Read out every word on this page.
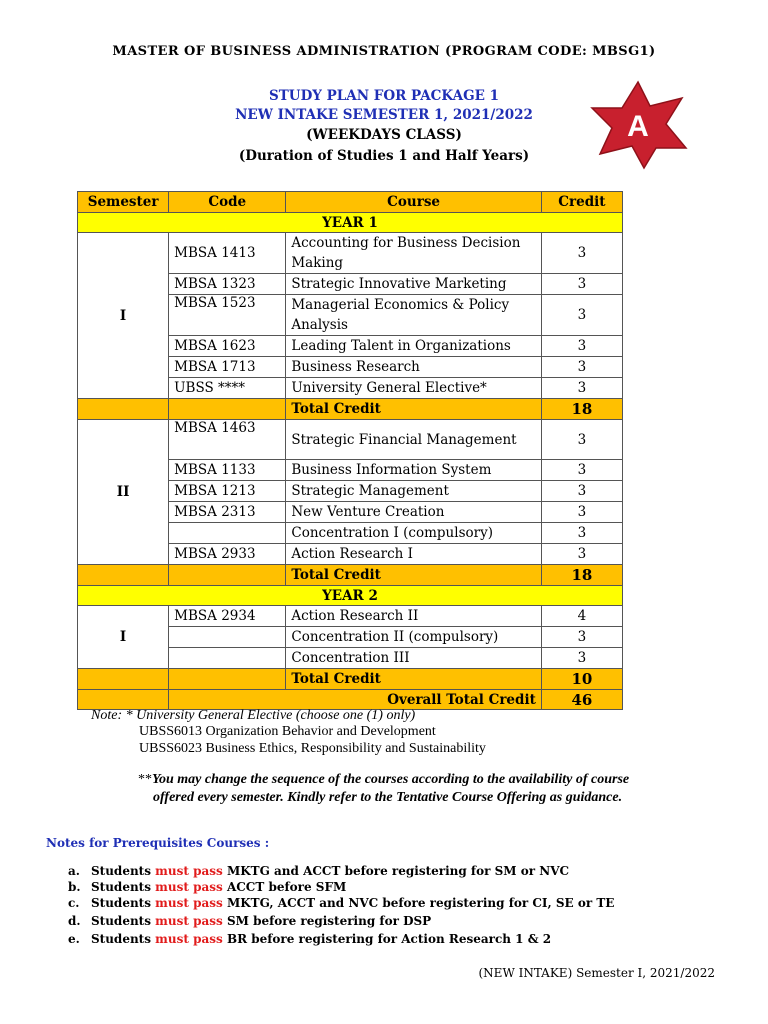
MASTER OF BUSINESS ADMINISTRATION (PROGRAM CODE: MBSG1)
STUDY PLAN FOR PACKAGE 1
NEW INTAKE SEMESTER 1, 2021/2022
(WEEKDAYS CLASS)
(Duration of Studies 1 and Half Years)
A
Semester	Code	Course	Credit
YEAR 1			
I	MBSA 1413	Accounting for Business Decision Making	3
	MBSA 1323	Strategic Innovative Marketing	3
	MBSA 1523	Managerial Economics & Policy Analysis	3
	MBSA 1623	Leading Talent in Organizations	3
	MBSA 1713	Business Research	3
	UBSS ****	University General Elective*	3
		Total Credit	18
II	MBSA 1463	Strategic Financial Management	3
	MBSA 1133	Business Information System	3
	MBSA 1213	Strategic Management	3
	MBSA 2313	New Venture Creation	3
		Concentration I (compulsory)	3
	MBSA 2933	Action Research I	3
		Total Credit	18
YEAR 2			
I	MBSA 2934	Action Research II	4
		Concentration II (compulsory)	3
		Concentration III	3
		Total Credit	10
	Overall Total Credit		46
Note: * University General Elective (choose one (1) only)
UBSS6013 Organization Behavior and Development
UBSS6023 Business Ethics, Responsibility and Sustainability
**You may change the sequence of the courses according to the availability of course
offered every semester. Kindly refer to the Tentative Course Offering as guidance.
Notes for Prerequisites Courses :
a. Students must pass MKTG and ACCT before registering for SM or NVC
b. Students must pass ACCT before SFM
c. Students must pass MKTG, ACCT and NVC before registering for CI, SE or TE
d. Students must pass SM before registering for DSP
e. Students must pass BR before registering for Action Research 1 & 2
(NEW INTAKE) Semester I, 2021/2022
